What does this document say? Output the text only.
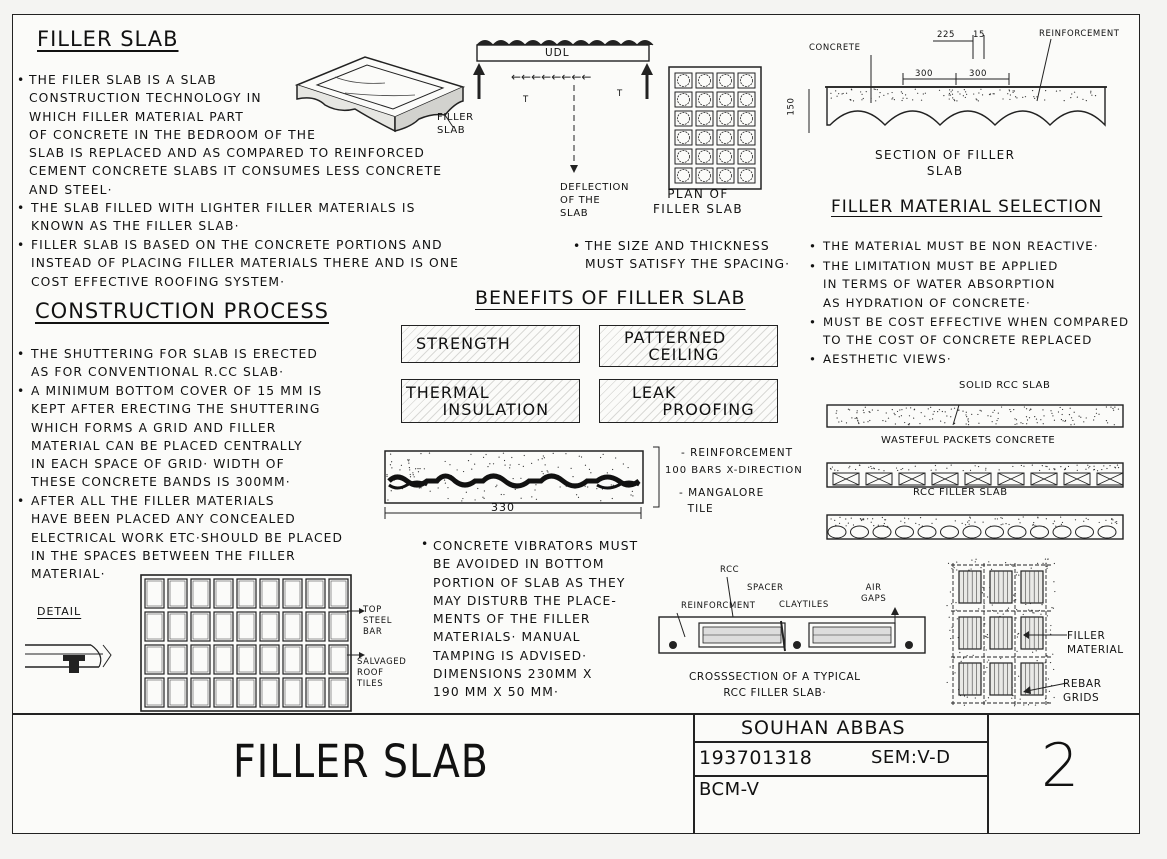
FILLER SLAB
• THE FILER SLAB IS A SLAB
CONSTRUCTION TECHNOLOGY IN
WHICH FILLER MATERIAL PART
OF CONCRETE IN THE BEDROOM OF THE
SLAB IS REPLACED AND AS COMPARED TO REINFORCED
CEMENT CONCRETE SLABS IT CONSUMES LESS CONCRETE
AND STEEL·
• THE SLAB FILLED WITH LIGHTER FILLER MATERIALS IS
KNOWN AS THE FILLER SLAB·
• FILLER SLAB IS BASED ON THE CONCRETE PORTIONS AND
INSTEAD OF PLACING FILLER MATERIALS THERE AND IS ONE
COST EFFECTIVE ROOFING SYSTEM·
FILLER
SLAB
←←←←←←←←
UDL
T
T
DEFLECTION
OF THE
SLAB
PLAN OF
FILLER SLAB
• THE SIZE AND THICKNESS
MUST SATISFY THE SPACING·
CONCRETE
REINFORCEMENT
225 15
300	300
150
SECTION OF FILLER
SLAB
FILLER MATERIAL SELECTION
• THE MATERIAL MUST BE NON REACTIVE·
• THE LIMITATION MUST BE APPLIED
IN TERMS OF WATER ABSORPTION
AS HYDRATION OF CONCRETE·
• MUST BE COST EFFECTIVE WHEN COMPARED
TO THE COST OF CONCRETE REPLACED
• AESTHETIC VIEWS·
CONSTRUCTION PROCESS
• THE SHUTTERING FOR SLAB IS ERECTED
AS FOR CONVENTIONAL R.CC SLAB·
• A MINIMUM BOTTOM COVER OF 15 MM IS
KEPT AFTER ERECTING THE SHUTTERING
WHICH FORMS A GRID AND FILLER
MATERIAL CAN BE PLACED CENTRALLY
IN EACH SPACE OF GRID· WIDTH OF
THESE CONCRETE BANDS IS 300MM·
• AFTER ALL THE FILLER MATERIALS
HAVE BEEN PLACED ANY CONCEALED
ELECTRICAL WORK ETC·SHOULD BE PLACED
IN THE SPACES BETWEEN THE FILLER
MATERIAL·
BENEFITS OF FILLER SLAB
STRENGTH	PATTERNED
CEILING
THERMAL
INSULATION
LEAK
PROOFING
330
- REINFORCEMENT
100 BARS X-DIRECTION
- MANGALORE
TILE
SOLID RCC SLAB
WASTEFUL PACKETS CONCRETE
RCC FILLER SLAB
DETAIL	TOP
STEEL
BAR
SALVAGED
ROOF
TILES
• CONCRETE VIBRATORS MUST
BE AVOIDED IN BOTTOM
PORTION OF SLAB AS THEY
MAY DISTURB THE PLACE-
MENTS OF THE FILLER
MATERIALS· MANUAL
TAMPING IS ADVISED·
DIMENSIONS 230MM X
190 MM X 50 MM·
RCC
SPACER	AIR
GAPS
REINFORCMENT	CLAYTILES
CROSSSECTION OF A TYPICAL
RCC FILLER SLAB·
FILLER
MATERIAL
REBAR
GRIDS
FILLER SLAB
SOUHAN ABBAS
193701318	SEM:V-D
BCM-V	2
